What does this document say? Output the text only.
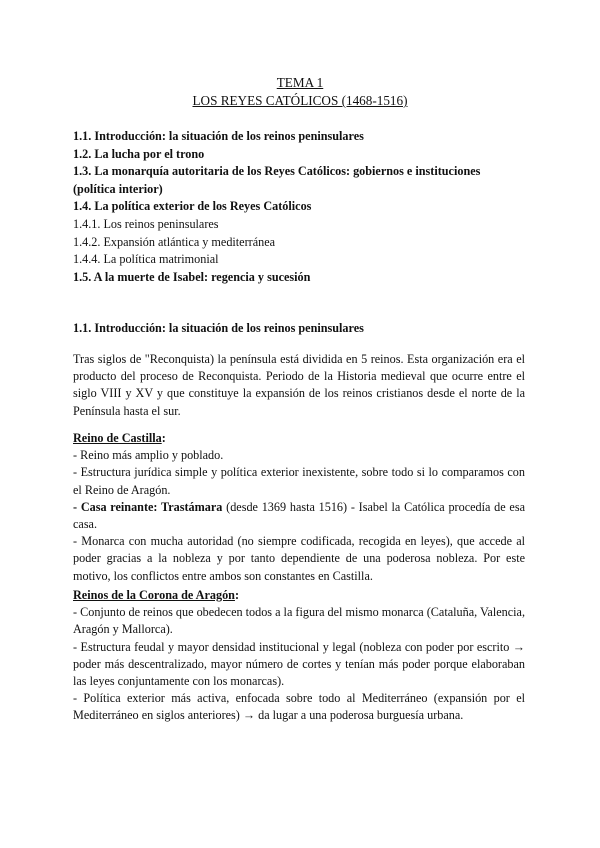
TEMA 1
LOS REYES CATÓLICOS (1468-1516)
1.1. Introducción: la situación de los reinos peninsulares
1.2. La lucha por el trono
1.3. La monarquía autoritaria de los Reyes Católicos: gobiernos e instituciones
(política interior)
1.4. La política exterior de los Reyes Católicos
1.4.1. Los reinos peninsulares
1.4.2. Expansión atlántica y mediterránea
1.4.4. La política matrimonial
1.5. A la muerte de Isabel: regencia y sucesión
1.1. Introducción: la situación de los reinos peninsulares

Tras siglos de "Reconquista) la península está dividida en 5 reinos. Esta organización era el producto del proceso de Reconquista. Periodo de la Historia medieval que ocurre entre el siglo VIII y XV y que constituye la expansión de los reinos cristianos desde el norte de la Península hasta el sur.

Reino de Castilla:

- Reino más amplio y poblado.

- Estructura jurídica simple y política exterior inexistente, sobre todo si lo comparamos con el Reino de Aragón.

- Casa reinante: Trastámara (desde 1369 hasta 1516) - Isabel la Católica procedía de esa casa.

- Monarca con mucha autoridad (no siempre codificada, recogida en leyes), que accede al poder gracias a la nobleza y por tanto dependiente de una poderosa nobleza. Por este motivo, los conflictos entre ambos son constantes en Castilla.

Reinos de la Corona de Aragón:

- Conjunto de reinos que obedecen todos a la figura del mismo monarca (Cataluña, Valencia, Aragón y Mallorca).

- Estructura feudal y mayor densidad institucional y legal (nobleza con poder por escrito → poder más descentralizado, mayor número de cortes y tenían más poder porque elaboraban las leyes conjuntamente con los monarcas).

- Política exterior más activa, enfocada sobre todo al Mediterráneo (expansión por el Mediterráneo en siglos anteriores) → da lugar a una poderosa burguesía urbana.
